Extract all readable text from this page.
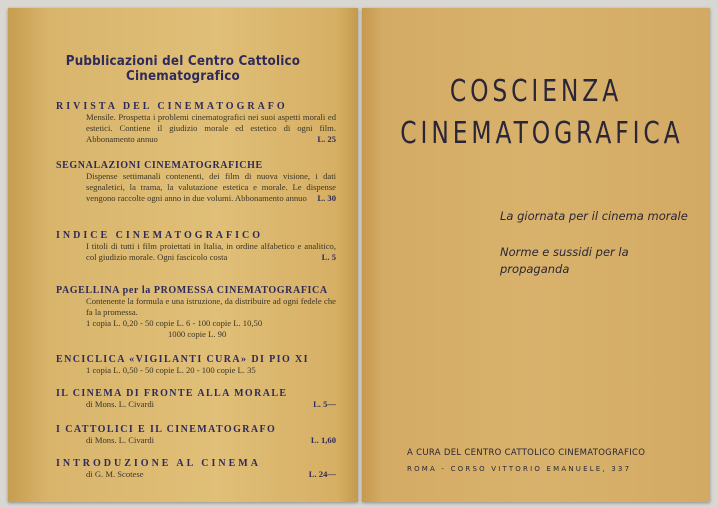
Pubblicazioni del Centro Cattolico Cinematografico
RIVISTA DEL CINEMATOGRAFO
Mensile. Prospetta i problemi cinematografici nei suoi aspetti morali ed estetici. Contiene il giudizio morale ed estetico di ogni film. Abbonamento annuo	L. 25
SEGNALAZIONI CINEMATOGRAFICHE
Dispense settimanali contenenti, dei film di nuova visione, i dati segnaletici, la trama, la valutazione estetica e morale. Le dispense vengono raccolte ogni anno in due volumi. Abbonamento annuo L. 30
INDICE CINEMATOGRAFICO
I titoli di tutti i film proiettati in Italia, in ordine alfabetico e analitico, col giudizio morale. Ogni fascicolo costa	L. 5
PAGELLINA per la PROMESSA CINEMATOGRAFICA
Contenente la formula e una istruzione, da distribuire ad ogni fedele che fa la promessa.
1 copia L. 0,20 - 50 copie L. 6 - 100 copie L. 10,50
1000 copie L. 90
ENCICLICA «VIGILANTI CURA» DI PIO XI
1 copia L. 0,50 - 50 copie L. 20 - 100 copie L. 35
IL CINEMA DI FRONTE ALLA MORALE
di Mons. L. Civardi	L. 5—
I CATTOLICI E IL CINEMATOGRAFO
di Mons. L. Civardi	L. 1,60
INTRODUZIONE AL CINEMA
di G. M. Scotese	L. 24—
COSCIENZA
CINEMATOGRAFICA
La giornata per il cinema morale
Norme e sussidi per la propaganda
A CURA DEL CENTRO CATTOLICO CINEMATOGRAFICO
ROMA - CORSO VITTORIO EMANUELE, 337
